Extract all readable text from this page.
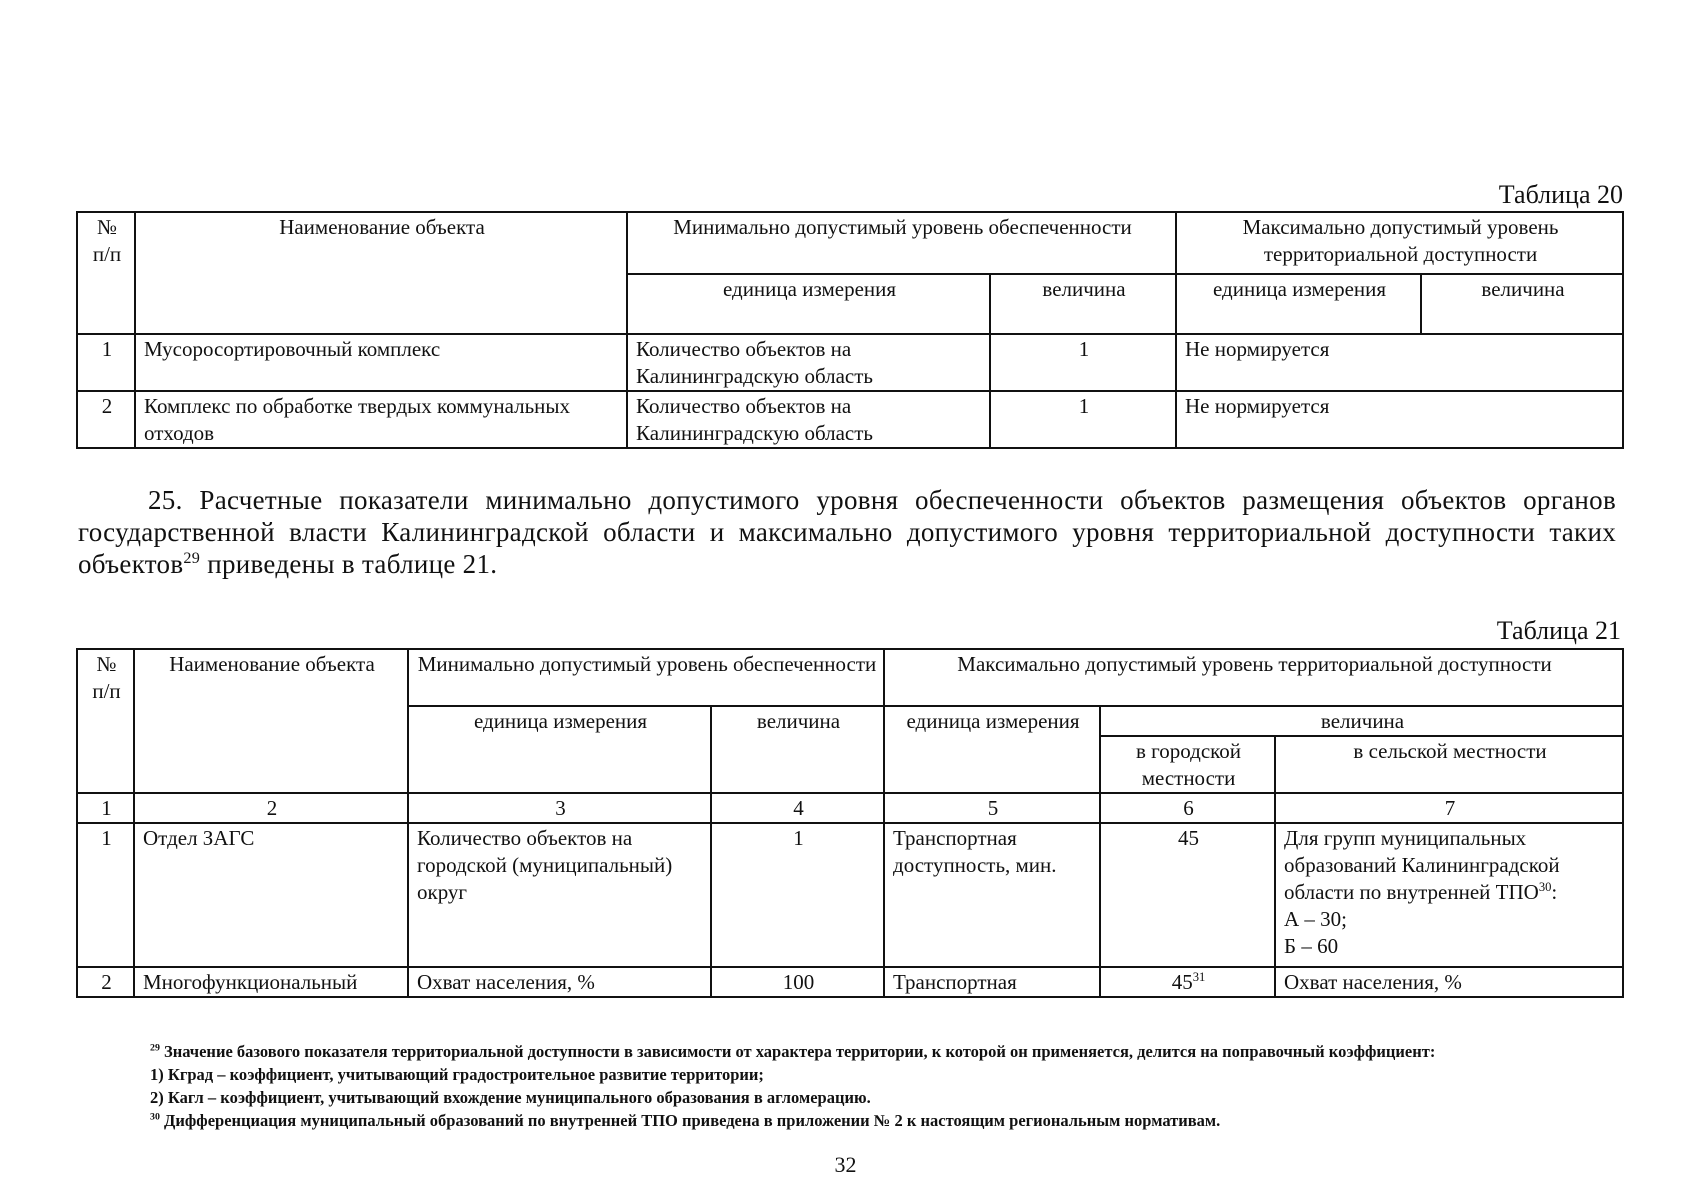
Таблица 20
№ п/п	Наименование объекта	Минимально допустимый уровень обеспеченности		Максимально допустимый уровень территориальной доступности	
		единица измерения	величина	единица измерения	величина
1	Мусоросортировочный комплекс	Количество объектов на Калининградскую область	1	Не нормируется	
2	Комплекс по обработке твердых коммунальных отходов	Количество объектов на Калининградскую область	1	Не нормируется	
25. Расчетные показатели минимально допустимого уровня обеспеченности объектов размещения объектов органов государственной власти Калининградской области и максимально допустимого уровня территориальной доступности таких объектов$^{29}$ приведены в таблице 21.
Таблица 21
№ п/п	Наименование объекта	Минимально допустимый уровень обеспеченности		Максимально допустимый уровень территориальной доступности		
		единица измерения	величина	единица измерения	величина	
					в городской местности	в сельской местности
1	2	3	4	5	6	7
1	Отдел ЗАГС	Количество объектов на городской (муниципальный) округ	1	Транспортная доступность, мин.	45	Для групп муниципальных образований Калининградской области по внутренней ТПО$^{30}$:
А – 30;
Б – 60
2	Многофункциональный	Охват населения, %	100	Транспортная	$45^{31}$	Охват населения, %
$^{29}$ Значение базового показателя территориальной доступности в зависимости от характера территории, к которой он применяется, делится на поправочный коэффициент:
1) Кград – коэффициент, учитывающий градостроительное развитие территории;
2) Кагл – коэффициент, учитывающий вхождение муниципального образования в агломерацию.
$^{30}$ Дифференциация муниципальный образований по внутренней ТПО приведена в приложении № 2 к настоящим региональным нормативам.
32
